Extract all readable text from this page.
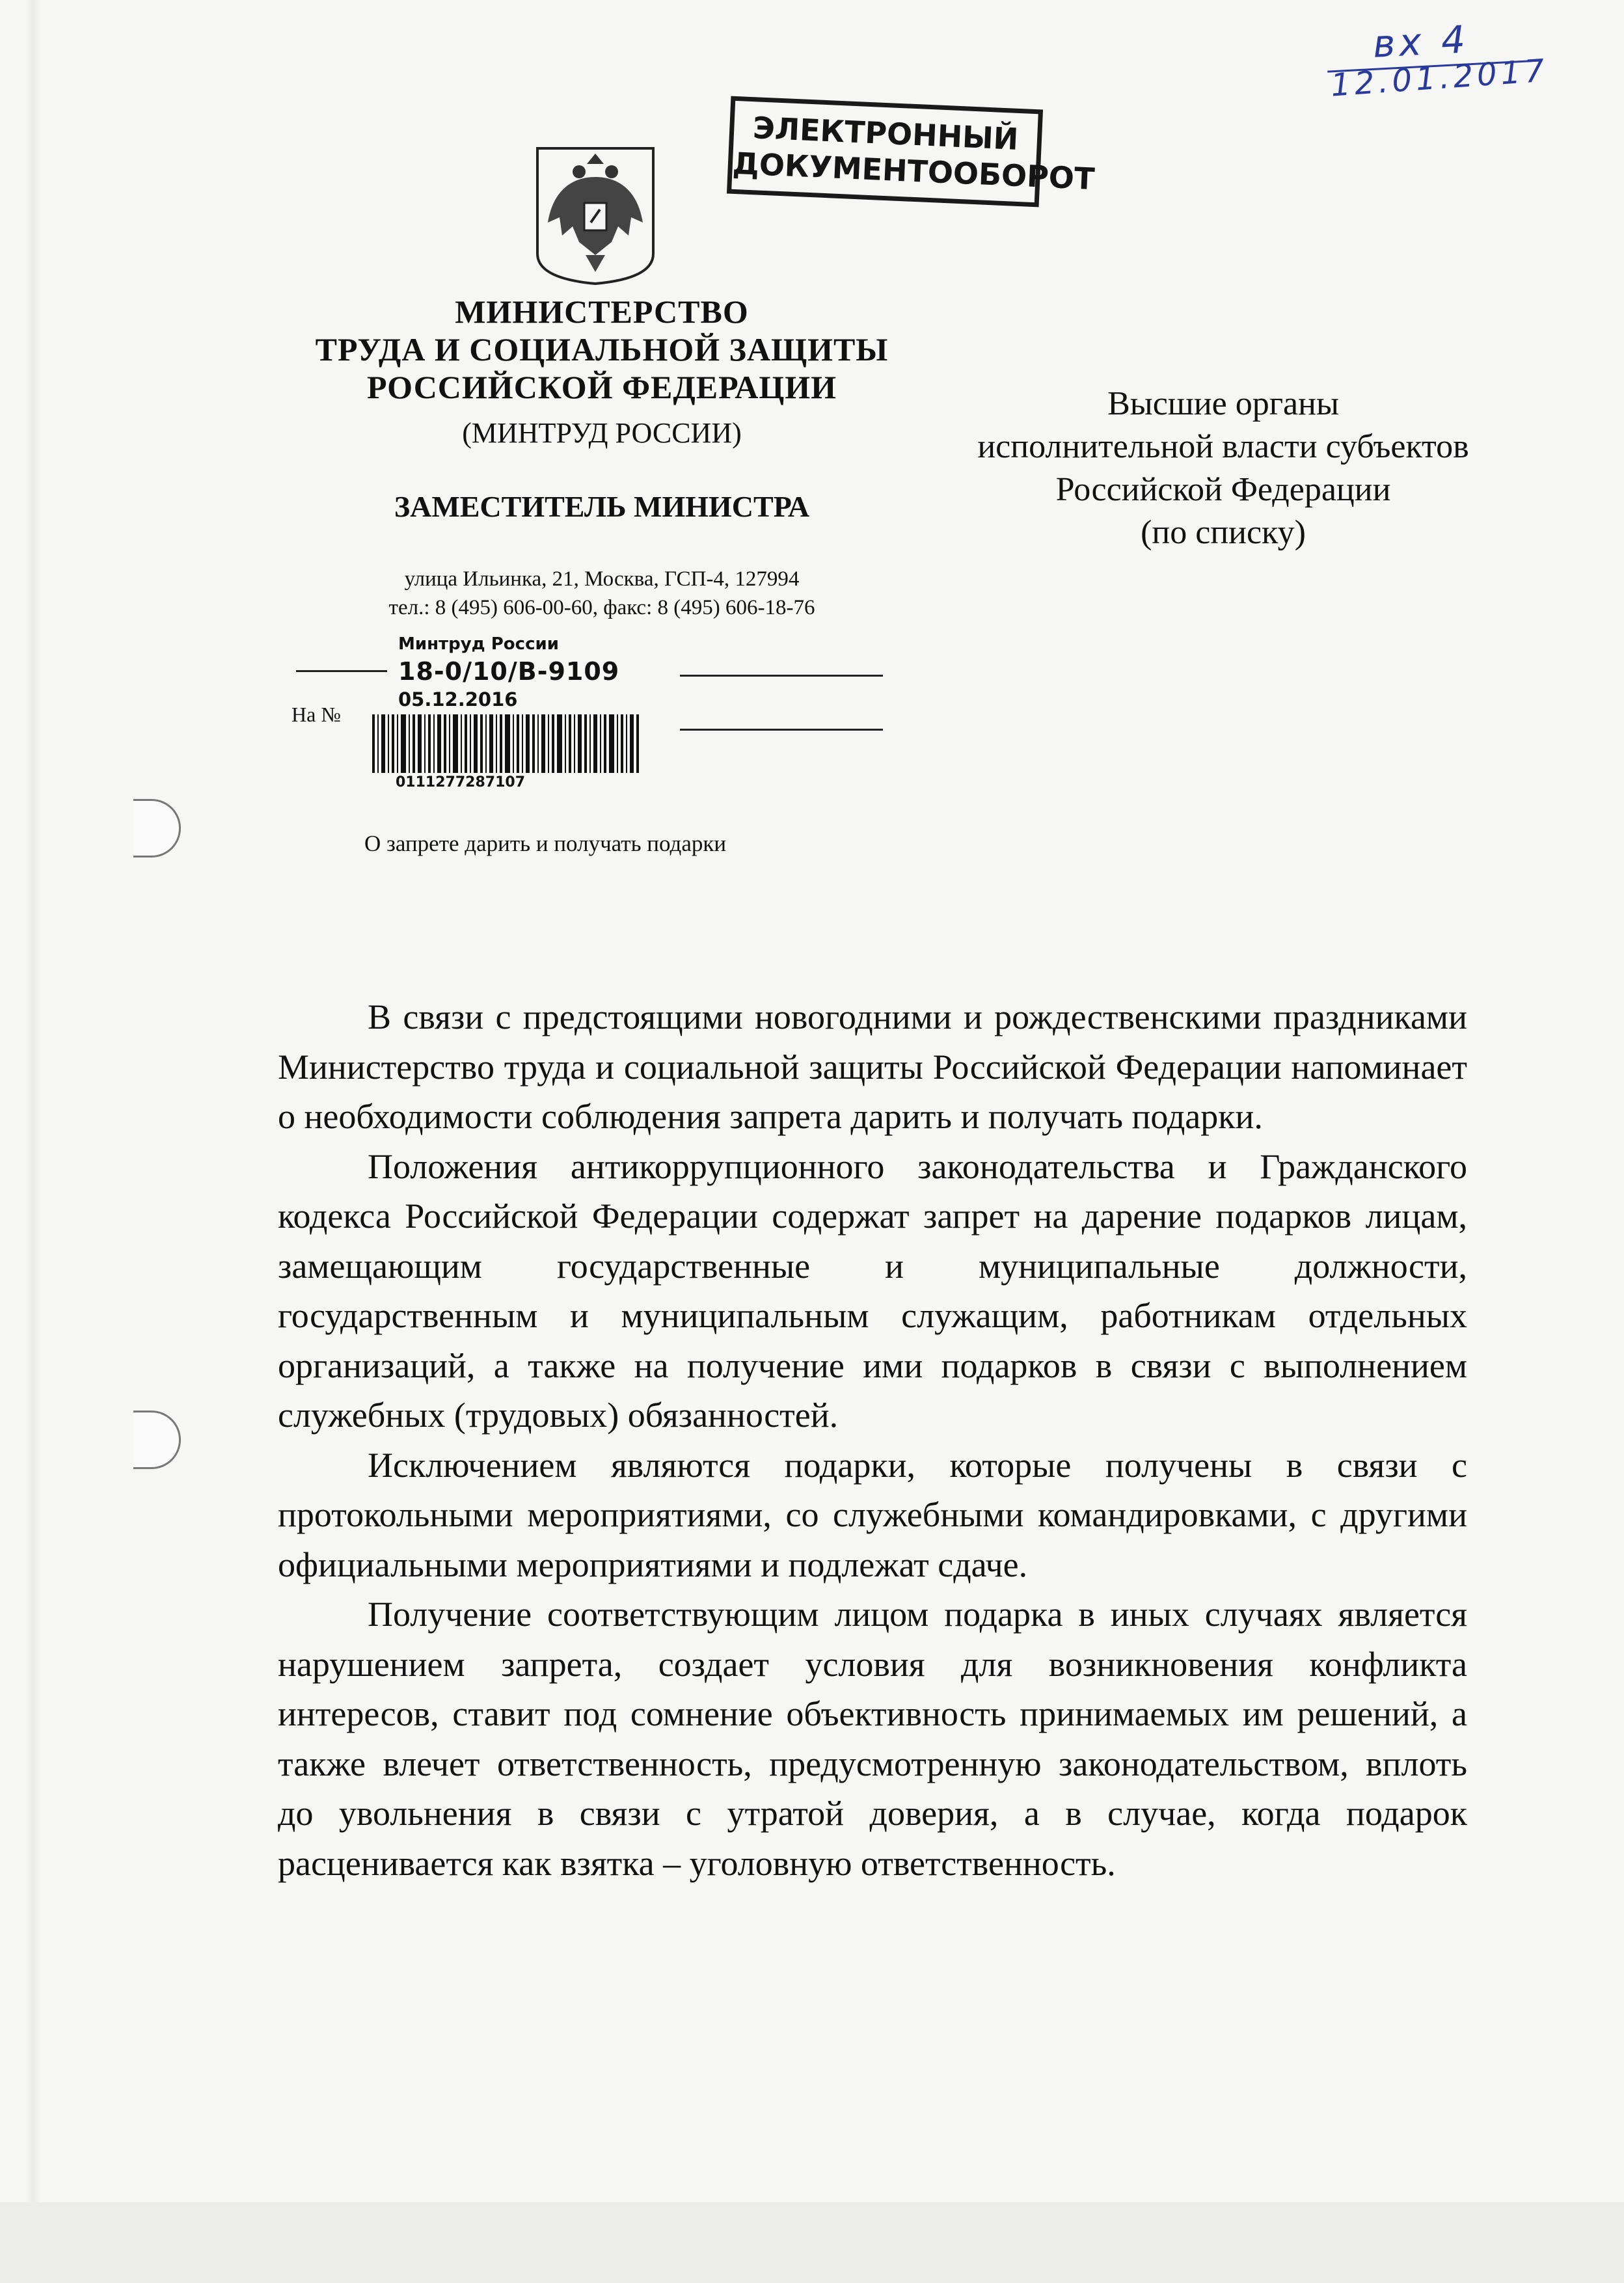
вх 4
12.01.2017
ЭЛЕКТРОННЫЙ
ДОКУМЕНТООБОРОТ
МИНИСТЕРСТВО
ТРУДА И СОЦИАЛЬНОЙ ЗАЩИТЫ
РОССИЙСКОЙ ФЕДЕРАЦИИ
(МИНТРУД РОССИИ)
ЗАМЕСТИТЕЛЬ МИНИСТРА
улица Ильинка, 21, Москва, ГСП-4, 127994
тел.: 8 (495) 606-00-60, факс: 8 (495) 606-18-76
Высшие органы
исполнительной власти субъектов
Российской Федерации
(по списку)
Минтруд России
18-0/10/В-9109
05.12.2016
На №
0111277287107
О запрете дарить и получать подарки

В связи с предстоящими новогодними и рождественскими праздниками Министерство труда и социальной защиты Российской Федерации напоминает о необходимости соблюдения запрета дарить и получать подарки.

Положения антикоррупционного законодательства и Гражданского кодекса Российской Федерации содержат запрет на дарение подарков лицам, замещающим государственные и муниципальные должности, государственным и муниципальным служащим, работникам отдельных организаций, а также на получение ими подарков в связи с выполнением служебных (трудовых) обязанностей.

Исключением являются подарки, которые получены в связи с протокольными мероприятиями, со служебными командировками, с другими официальными мероприятиями и подлежат сдаче.

Получение соответствующим лицом подарка в иных случаях является нарушением запрета, создает условия для возникновения конфликта интересов, ставит под сомнение объективность принимаемых им решений, а также влечет ответственность, предусмотренную законодательством, вплоть до увольнения в связи с утратой доверия, а в случае, когда подарок расценивается как взятка – уголовную ответственность.
